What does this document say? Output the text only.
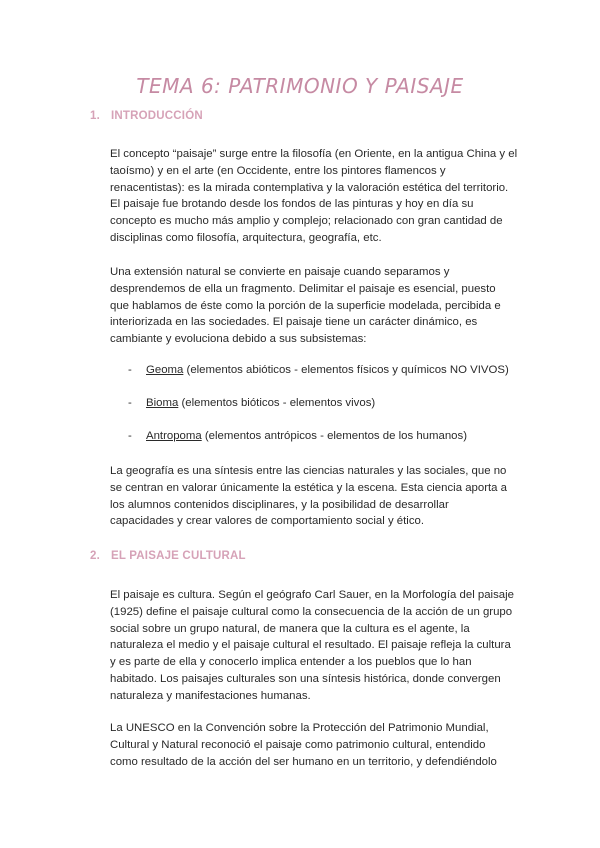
TEMA 6: PATRIMONIO Y PAISAJE
1. INTRODUCCIÓN

El concepto “paisaje” surge entre la filosofía (en Oriente, en la antigua China y el

taoísmo) y en el arte (en Occidente, entre los pintores flamencos y

renacentistas): es la mirada contemplativa y la valoración estética del territorio.

El paisaje fue brotando desde los fondos de las pinturas y hoy en día su

concepto es mucho más amplio y complejo; relacionado con gran cantidad de

disciplinas como filosofía, arquitectura, geografía, etc.

Una extensión natural se convierte en paisaje cuando separamos y

desprendemos de ella un fragmento. Delimitar el paisaje es esencial, puesto

que hablamos de éste como la porción de la superficie modelada, percibida e

interiorizada en las sociedades. El paisaje tiene un carácter dinámico, es

cambiante y evoluciona debido a sus subsistemas:

- Geoma (elementos abióticos - elementos físicos y químicos NO VIVOS)
- Bioma (elementos bióticos - elementos vivos)
- Antropoma (elementos antrópicos - elementos de los humanos)

La geografía es una síntesis entre las ciencias naturales y las sociales, que no

se centran en valorar únicamente la estética y la escena. Esta ciencia aporta a

los alumnos contenidos disciplinares, y la posibilidad de desarrollar

capacidades y crear valores de comportamiento social y ético.

2. EL PAISAJE CULTURAL

El paisaje es cultura. Según el geógrafo Carl Sauer, en la Morfología del paisaje

(1925) define el paisaje cultural como la consecuencia de la acción de un grupo

social sobre un grupo natural, de manera que la cultura es el agente, la

naturaleza el medio y el paisaje cultural el resultado. El paisaje refleja la cultura

y es parte de ella y conocerlo implica entender a los pueblos que lo han

habitado. Los paisajes culturales son una síntesis histórica, donde convergen

naturaleza y manifestaciones humanas.

La UNESCO en la Convención sobre la Protección del Patrimonio Mundial,

Cultural y Natural reconoció el paisaje como patrimonio cultural, entendido

como resultado de la acción del ser humano en un territorio, y defendiéndolo
